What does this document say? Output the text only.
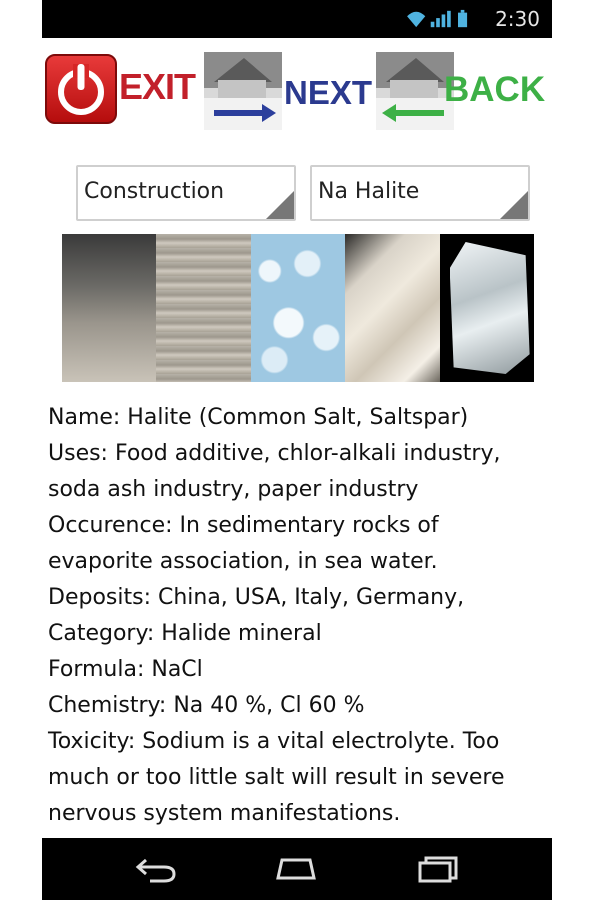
2:30
EXIT	NEXT BACK
Construction	Na Halite
Name: Halite (Common Salt, Saltspar)
Uses: Food additive, chlor-alkali industry,
soda ash industry, paper industry
Occurence: In sedimentary rocks of
evaporite association, in sea water.
Deposits: China, USA, Italy, Germany,
Category: Halide mineral
Formula: NaCl
Chemistry: Na 40 %, Cl 60 %
Toxicity: Sodium is a vital electrolyte. Too
much or too little salt will result in severe
nervous system manifestations.
